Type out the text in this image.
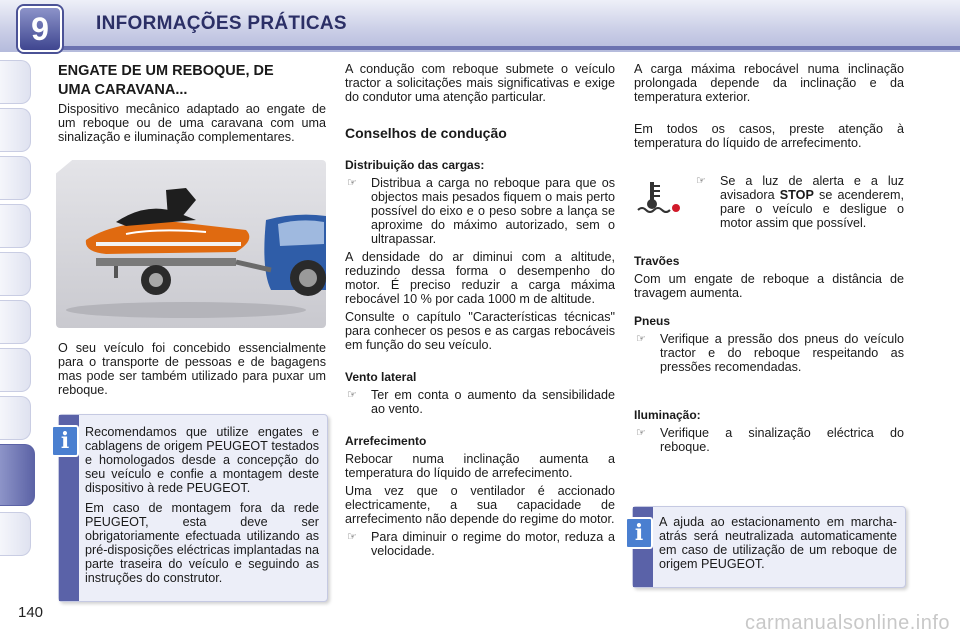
9	INFORMAÇÕES PRÁTICAS
140
ENGATE DE UM REBOQUE, DE
UMA CARAVANA...

Dispositivo mecânico adaptado ao engate de um reboque ou de uma caravana com uma sinalização e iluminação complementares.

O seu veículo foi concebido essencialmente para o transporte de pessoas e de bagagens mas pode ser também utilizado para puxar um reboque.

i	Recomendamos que utilize engates e cablagens de origem PEUGEOT testados e homologados desde a concepção do seu veículo e confie a montagem deste dispositivo à rede PEUGEOT.

Em caso de montagem fora da rede PEUGEOT, esta deve ser obrigatoriamente efectuada utilizando as pré-disposições eléctricas implantadas na parte traseira do veículo e seguindo as instruções do construtor.

A condução com reboque submete o veículo tractor a solicitações mais significativas e exige do condutor uma atenção particular.

Conselhos de condução
Distribuição das cargas:
☞	Distribua a carga no reboque para que os objectos mais pesados fiquem o mais perto possível do eixo e o peso sobre a lança se aproxime do máximo autorizado, sem o ultrapassar.

A densidade do ar diminui com a altitude, reduzindo dessa forma o desempenho do motor. É preciso reduzir a carga máxima rebocável 10 % por cada 1000 m de altitude.

Consulte o capítulo "Características técnicas" para conhecer os pesos e as cargas rebocáveis em função do seu veículo.

Vento lateral
☞	Ter em conta o aumento da sensibilidade ao vento.
Arrefecimento

Rebocar numa inclinação aumenta a temperatura do líquido de arrefecimento.

Uma vez que o ventilador é accionado electricamente, a sua capacidade de arrefecimento não depende do regime do motor.

☞	Para diminuir o regime do motor, reduza a velocidade.

A carga máxima rebocável numa inclinação prolongada depende da inclinação e da temperatura exterior.

Em todos os casos, preste atenção à temperatura do líquido de arrefecimento.

☞	Se a luz de alerta e a luz avisadora STOP se acenderem, pare o veículo e desligue o motor assim que possível.
Travões

Com um engate de reboque a distância de travagem aumenta.

Pneus
☞	Verifique a pressão dos pneus do veículo tractor e do reboque respeitando as pressões recomendadas.
Iluminação:
☞	Verifique a sinalização eléctrica do reboque.
i	A ajuda ao estacionamento em marcha-atrás será neutralizada automaticamente em caso de utilização de um reboque de origem PEUGEOT.

carmanualsonline.info
